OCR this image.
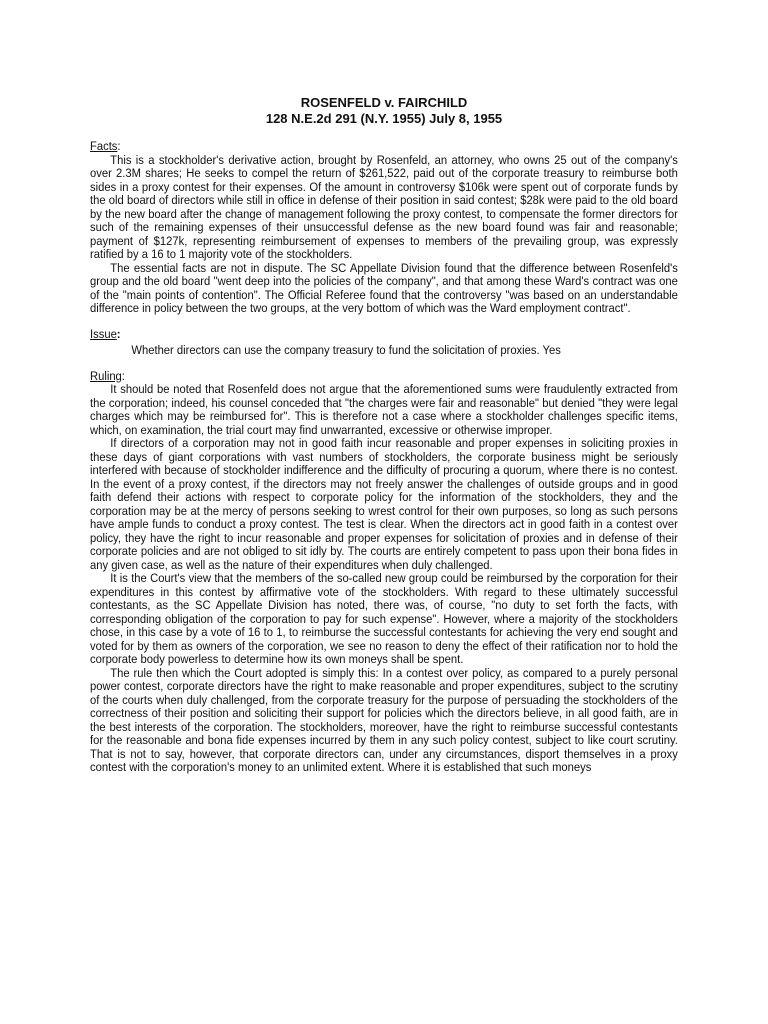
ROSENFELD v. FAIRCHILD
128 N.E.2d 291 (N.Y. 1955) July 8, 1955
Facts:

This is a stockholder's derivative action, brought by Rosenfeld, an attorney, who owns 25 out of the company's over 2.3M shares; He seeks to compel the return of $261,522, paid out of the corporate treasury to reimburse both sides in a proxy contest for their expenses. Of the amount in controversy $106k were spent out of corporate funds by the old board of directors while still in office in defense of their position in said contest; $28k were paid to the old board by the new board after the change of management following the proxy contest, to compensate the former directors for such of the remaining expenses of their unsuccessful defense as the new board found was fair and reasonable; payment of $127k, representing reimbursement of expenses to members of the prevailing group, was expressly ratified by a 16 to 1 majority vote of the stockholders.

The essential facts are not in dispute. The SC Appellate Division found that the difference between Rosenfeld's group and the old board "went deep into the policies of the company", and that among these Ward's contract was one of the "main points of contention". The Official Referee found that the controversy "was based on an understandable difference in policy between the two groups, at the very bottom of which was the Ward employment contract".

Issue:

Whether directors can use the company treasury to fund the solicitation of proxies. Yes

Ruling:

It should be noted that Rosenfeld does not argue that the aforementioned sums were fraudulently extracted from the corporation; indeed, his counsel conceded that "the charges were fair and reasonable" but denied "they were legal charges which may be reimbursed for". This is therefore not a case where a stockholder challenges specific items, which, on examination, the trial court may find unwarranted, excessive or otherwise improper.

If directors of a corporation may not in good faith incur reasonable and proper expenses in soliciting proxies in these days of giant corporations with vast numbers of stockholders, the corporate business might be seriously interfered with because of stockholder indifference and the difficulty of procuring a quorum, where there is no contest. In the event of a proxy contest, if the directors may not freely answer the challenges of outside groups and in good faith defend their actions with respect to corporate policy for the information of the stockholders, they and the corporation may be at the mercy of persons seeking to wrest control for their own purposes, so long as such persons have ample funds to conduct a proxy contest. The test is clear. When the directors act in good faith in a contest over policy, they have the right to incur reasonable and proper expenses for solicitation of proxies and in defense of their corporate policies and are not obliged to sit idly by. The courts are entirely competent to pass upon their bona fides in any given case, as well as the nature of their expenditures when duly challenged.

It is the Court's view that the members of the so-called new group could be reimbursed by the corporation for their expenditures in this contest by affirmative vote of the stockholders. With regard to these ultimately successful contestants, as the SC Appellate Division has noted, there was, of course, "no duty to set forth the facts, with corresponding obligation of the corporation to pay for such expense". However, where a majority of the stockholders chose, in this case by a vote of 16 to 1, to reimburse the successful contestants for achieving the very end sought and voted for by them as owners of the corporation, we see no reason to deny the effect of their ratification nor to hold the corporate body powerless to determine how its own moneys shall be spent.

The rule then which the Court adopted is simply this: In a contest over policy, as compared to a purely personal power contest, corporate directors have the right to make reasonable and proper expenditures, subject to the scrutiny of the courts when duly challenged, from the corporate treasury for the purpose of persuading the stockholders of the correctness of their position and soliciting their support for policies which the directors believe, in all good faith, are in the best interests of the corporation. The stockholders, moreover, have the right to reimburse successful contestants for the reasonable and bona fide expenses incurred by them in any such policy contest, subject to like court scrutiny. That is not to say, however, that corporate directors can, under any circumstances, disport themselves in a proxy contest with the corporation's money to an unlimited extent. Where it is established that such moneys
